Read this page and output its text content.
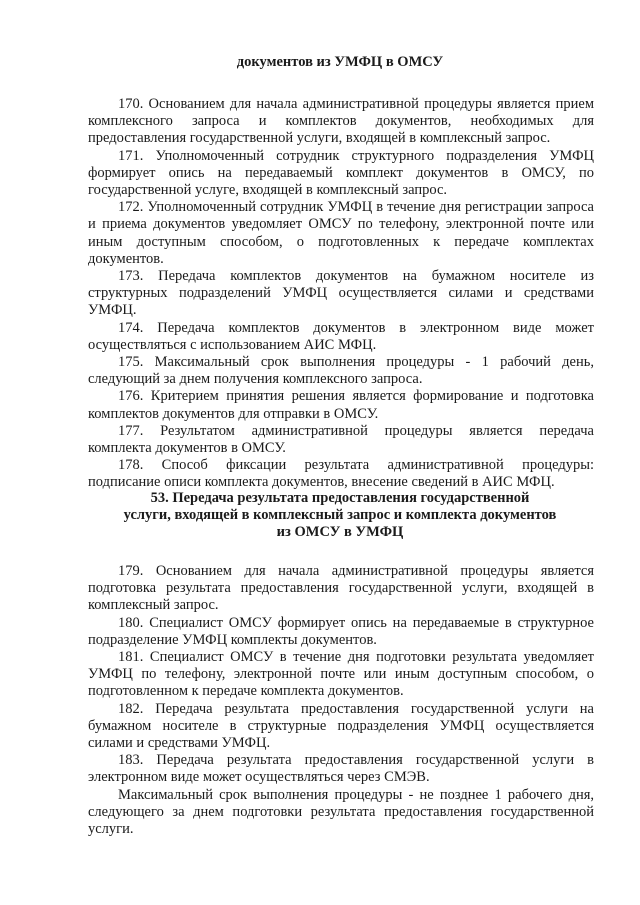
документов из УМФЦ в ОМСУ

170. Основанием для начала административной процедуры является прием комплексного запроса и комплектов документов, необходимых для предоставления государственной услуги, входящей в комплексный запрос.

171. Уполномоченный сотрудник структурного подразделения УМФЦ формирует опись на передаваемый комплект документов в ОМСУ, по государственной услуге, входящей в комплексный запрос.

172. Уполномоченный сотрудник УМФЦ в течение дня регистрации запроса и приема документов уведомляет ОМСУ по телефону, электронной почте или иным доступным способом, о подготовленных к передаче комплектах документов.

173. Передача комплектов документов на бумажном носителе из структурных подразделений УМФЦ осуществляется силами и средствами УМФЦ.

174. Передача комплектов документов в электронном виде может осуществляться с использованием АИС МФЦ.

175. Максимальный срок выполнения процедуры - 1 рабочий день, следующий за днем получения комплексного запроса.

176. Критерием принятия решения является формирование и подготовка комплектов документов для отправки в ОМСУ.

177. Результатом административной процедуры является передача комплекта документов в ОМСУ.

178. Способ фиксации результата административной процедуры: подписание описи комплекта документов, внесение сведений в АИС МФЦ.

53. Передача результата предоставления государственной
услуги, входящей в комплексный запрос и комплекта документов
из ОМСУ в УМФЦ

179. Основанием для начала административной процедуры является подготовка результата предоставления государственной услуги, входящей в комплексный запрос.

180. Специалист ОМСУ формирует опись на передаваемые в структурное подразделение УМФЦ комплекты документов.

181. Специалист ОМСУ в течение дня подготовки результата уведомляет УМФЦ по телефону, электронной почте или иным доступным способом, о подготовленном к передаче комплекта документов.

182. Передача результата предоставления государственной услуги на бумажном носителе в структурные подразделения УМФЦ осуществляется силами и средствами УМФЦ.

183. Передача результата предоставления государственной услуги в электронном виде может осуществляться через СМЭВ.

Максимальный срок выполнения процедуры - не позднее 1 рабочего дня, следующего за днем подготовки результата предоставления государственной услуги.
